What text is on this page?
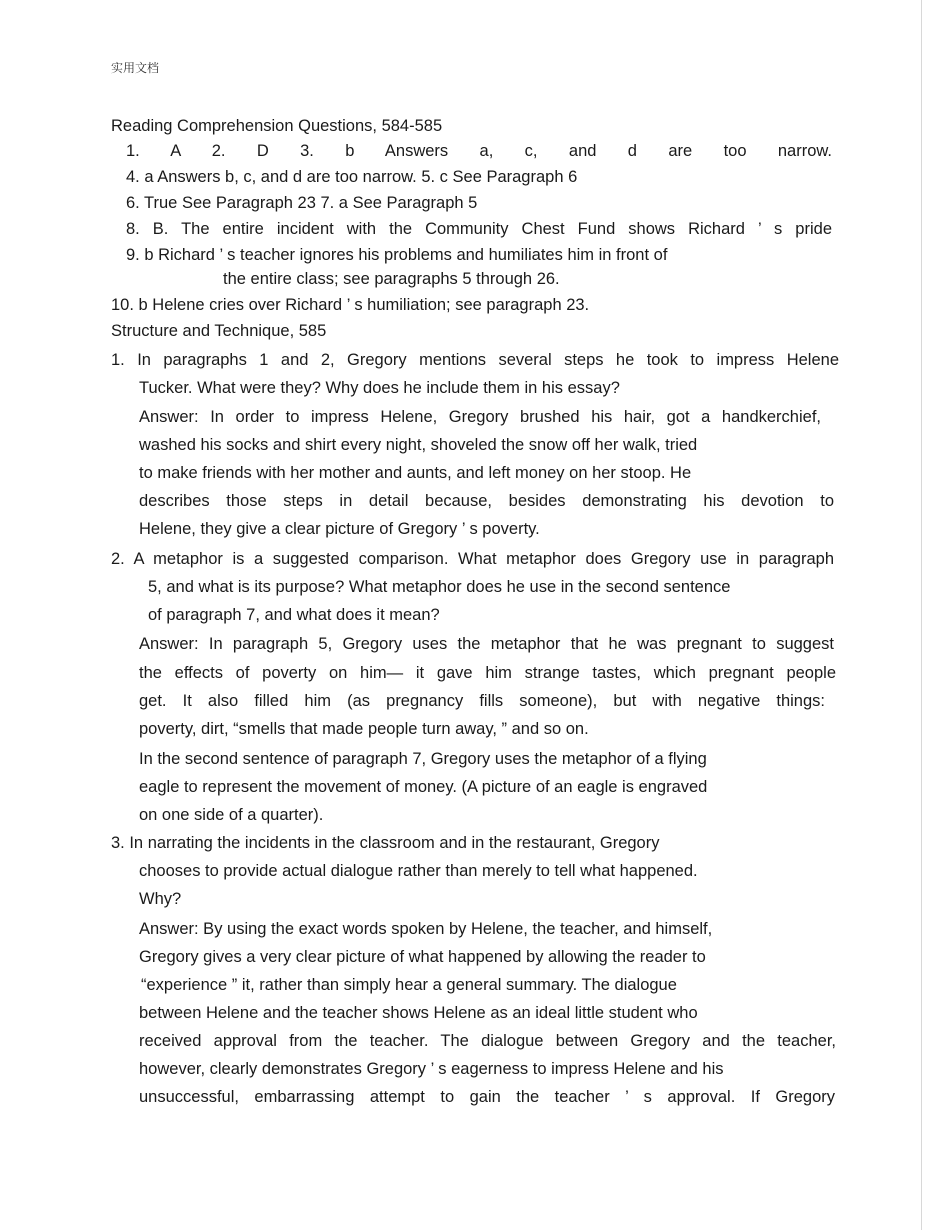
实用文档
Reading Comprehension Questions, 584-585
1. A 2. D 3. b Answers a, c, and d are too narrow.
4. a Answers b, c, and d are too narrow. 5. c See Paragraph 6
6. True See Paragraph 23 7. a See Paragraph 5
8. B. The entire incident with the Community Chest Fund shows Richard ’ s pride
9. b Richard ’ s teacher ignores his problems and humiliates him in front of
the entire class; see paragraphs 5 through 26.
10. b Helene cries over Richard ’ s humiliation; see paragraph 23.
Structure and Technique, 585
1. In paragraphs 1 and 2, Gregory mentions several steps he took to impress Helene
Tucker. What were they? Why does he include them in his essay?
Answer: In order to impress Helene, Gregory brushed his hair, got a handkerchief,
washed his socks and shirt every night, shoveled the snow off her walk, tried
to make friends with her mother and aunts, and left money on her stoop. He
describes those steps in detail because, besides demonstrating his devotion to
Helene, they give a clear picture of Gregory ’ s poverty.
2. A metaphor is a suggested comparison. What metaphor does Gregory use in paragraph
5, and what is its purpose? What metaphor does he use in the second sentence
of paragraph 7, and what does it mean?
Answer: In paragraph 5, Gregory uses the metaphor that he was pregnant to suggest
the effects of poverty on him— it gave him strange tastes, which pregnant people
get. It also filled him (as pregnancy fills someone), but with negative things:
poverty, dirt, “smells that made people turn away, ” and so on.
In the second sentence of paragraph 7, Gregory uses the metaphor of a flying
eagle to represent the movement of money. (A picture of an eagle is engraved
on one side of a quarter).
3. In narrating the incidents in the classroom and in the restaurant, Gregory
chooses to provide actual dialogue rather than merely to tell what happened.
Why?
Answer: By using the exact words spoken by Helene, the teacher, and himself,
Gregory gives a very clear picture of what happened by allowing the reader to
“experience ” it, rather than simply hear a general summary. The dialogue
between Helene and the teacher shows Helene as an ideal little student who
received approval from the teacher. The dialogue between Gregory and the teacher,
however, clearly demonstrates Gregory ’ s eagerness to impress Helene and his
unsuccessful, embarrassing attempt to gain the teacher ’ s approval. If Gregory
